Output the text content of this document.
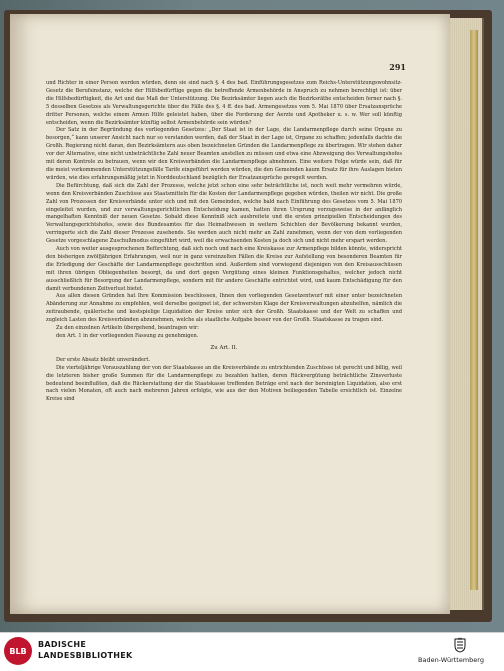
291

und Richter in einer Person werden würden, denn sie sind nach §. 4 des bad. Einführungsgesetzes zum Reichs-Unterstützungswohnsitz-Gesetz die Berufsinstanz, welche der Hilfsbedürftige gegen die betreffende Armenbehörde in Anspruch zu nehmen berechtigt ist: über die Hilfsbedürftigkeit, die Art und das Maß der Unterstützung. Die Bezirksämter liegen auch die Bezirksräthe entscheiden ferner nach §. 5 desselben Gesetzes als Verwaltungsgerichte über die Fälle des §. 4 ff. des bad. Armengesetzes vom 5. Mai 1870 über Ersatzansprüche dritter Personen, welche einem Armen Hilfe geleistet haben, über die Forderung der Aerzte und Apotheker u. s. w. Wer soll künftig entscheiden, wenn die Bezirksämter künftig selbst Armenbehörde sein würden?

Der Satz in der Begründung des vorliegenden Gesetzes: „Der Staat ist in der Lage, die Landarmenpflege durch seine Organe zu besorgen,“ kann unserer Ansicht nach nur so verstanden werden, daß der Staat in der Lage ist, Organe zu schaffen; jedenfalls dachte die Großh. Regierung nicht daran, den Bezirksämtern aus oben bezeichneten Gründen die Landarmenpflege zu übertragen. Wir stehen daher vor der Alternative, eine nicht unbeträchtliche Zahl neuer Beamten anstellen zu müssen und etwa eine Abzweigung des Verwaltungshofes mit deren Kontrole zu betrauen, wenn wir den Kreisverbänden die Landarmenpflege abnehmen. Eine weitere Folge würde sein, daß für die meist vorkommenden Unterstützungsfälle Tarife eingeführt werden würden, die den Gemeinden kaum Ersatz für ihre Auslagen bieten würden, wie dies erfahrungsmäßig jetzt in Norddeutschland bezüglich der Ersatzansprüche geregelt werden.

Die Befürchtung, daß sich die Zahl der Prozesse, welche jetzt schon eine sehr beträchtliche ist, noch weit mehr vermehren würde, wenn den Kreisverbänden Zuschüsse aus Staatsmitteln für die Kosten der Landarmenpflege gegeben würden, theilen wir nicht. Die große Zahl von Prozessen der Kreisverbände unter sich und mit den Gemeinden, welche bald nach Einführung des Gesetzes vom 5. Mai 1870 eingeleitet wurden, und zur verwaltungsgerichtlichen Entscheidung kamen, hatten ihren Ursprung vorzugsweise in der anfänglich mangelhaften Kenntniß der neuen Gesetze. Sobald diese Kenntniß sich ausbreitete und die ersten prinzipiellen Entscheidungen des Verwaltungsgerichtshofes, sowie des Bundesamtes für das Heimathwesen in weitern Schichten der Bevölkerung bekannt wurden, verringerte sich die Zahl dieser Prozesse zusehends. Sie werden auch nicht mehr an Zahl zunehmen, wenn der von dem vorliegenden Gesetze vorgeschlagene Zuschußmodus eingeführt wird, weil die erwachsenden Kosten ja doch sich und nicht mehr erspart werden.

Auch von weiter ausgesprochenen Befürchtung, daß sich noch und nach eine Kreiskasse zur Armenpflege bilden könnte, widerspricht den bisherigen zwölfjährigen Erfahrungen, weil nur in ganz vereinzelten Fällen die Kreise zur Aufstellung von besonderen Beamten für die Erledigung der Geschäfte der Landarmenpflege geschritten sind. Außerdem sind vorwiegend diejenigen von den Kreisausschüssen mit ihren übrigen Obliegenheiten besorgt, da und dort gegen Vergütung eines kleinen Funktionsgehaltes, welcher jedoch nicht ausschließlich für Besorgung der Landarmenpflege, sondern mit für andere Geschäfte entrichtet wird, und kaum Entschädigung für den damit verbundenen Zeitverlust bietet.

Aus allen diesen Gründen hat Ihre Kommission beschlossen, Ihnen den vorliegenden Gesetzentwurf mit einer unter bezeichneten Abänderung zur Annahme zu empfehlen, weil derselbe geeignet ist, der schwersten Klage der Kreisverwaltungen abzuhelfen, nämlich die zeitraubende, quälerische und kostspielige Liquidation der Kreise unter sich der Großh. Staatskasse und der Welt zu schaffen und zugleich Lasten des Kreisverbänden abzunehmen, welche als staatliche Aufgabe besser von der Großh. Staatskasse zu tragen sind.

Zu den einzelnen Artikeln übergehend, beantragen wir:

den Art. 1 in der vorliegenden Fassung zu genehmigen.

Zu Art. II.

Der erste Absatz bleibt unverändert.

Die vierteljährige Vorauszahlung der von der Staatskasse an die Kreisverbände zu entrichtenden Zuschüsse ist gerecht und billig, weil die letzteren bisher große Summen für die Landarmenpflege zu bezahlen hatten, deren Rückvergütung beträchtliche Zinsverluste bedeutend beeinflußten, daß die Rückerstattung der die Staatskasse treffenden Beträge erst nach der bereinigten Liquidation, also erst nach vielen Monaten, oft auch nach mehreren Jahren erfolgte, wie aus der den Motiven beiliegenden Tabelle ersichtlich ist. Einzelne Kreise sind

BLB
BADISCHE
LANDESBIBLIOTHEK	Baden-Württemberg
